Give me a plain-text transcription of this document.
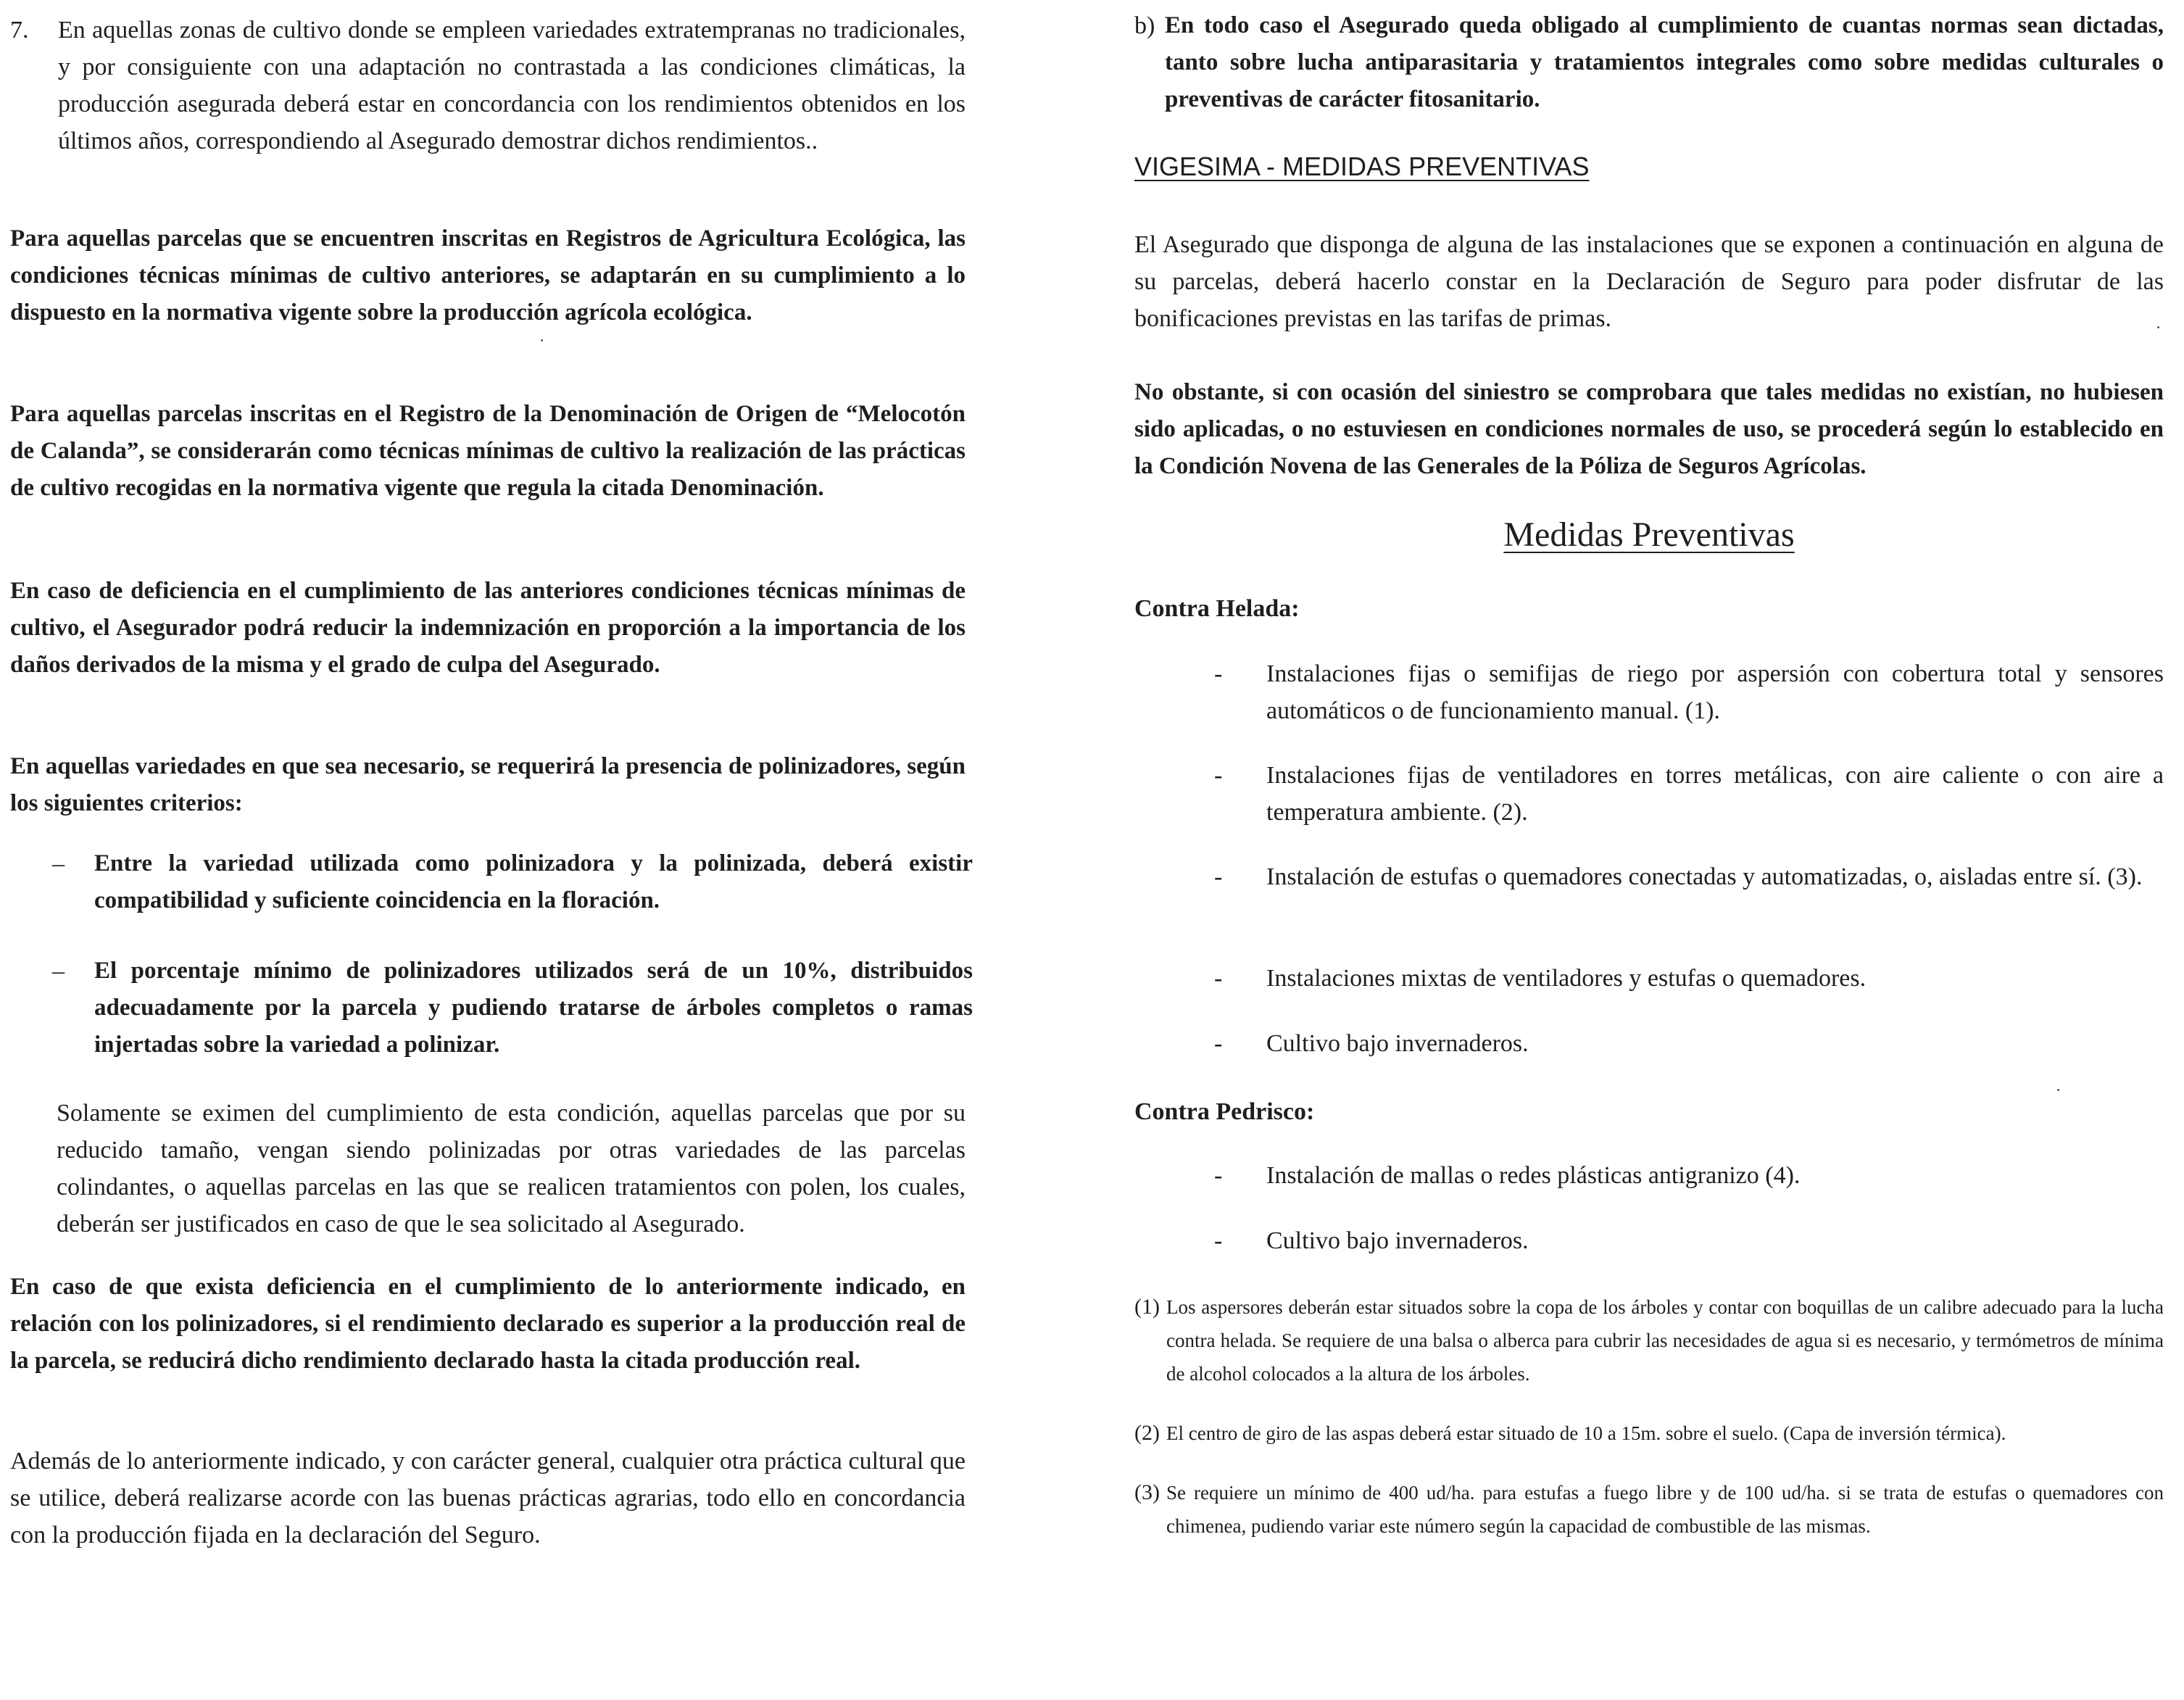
7. En aquellas zonas de cultivo donde se empleen variedades extratempranas no tradicionales, y por consiguiente con una adaptación no contrastada a las condiciones climáticas, la producción asegurada deberá estar en concordancia con los rendimientos obtenidos en los últimos años, correspondiendo al Asegurado demostrar dichos rendimientos..

Para aquellas parcelas que se encuentren inscritas en Registros de Agricultura Ecológica, las condiciones técnicas mínimas de cultivo anteriores, se adaptarán en su cumplimiento a lo dispuesto en la normativa vigente sobre la producción agrícola ecológica.

Para aquellas parcelas inscritas en el Registro de la Denominación de Origen de “Melocotón de Calanda”, se considerarán como técnicas mínimas de cultivo la realización de las prácticas de cultivo recogidas en la normativa vigente que regula la citada Denominación.

En caso de deficiencia en el cumplimiento de las anteriores condiciones técnicas mínimas de cultivo, el Asegurador podrá reducir la indemnización en proporción a la importancia de los daños derivados de la misma y el grado de culpa del Asegurado.

En aquellas variedades en que sea necesario, se requerirá la presencia de polinizadores, según los siguientes criterios:

– Entre la variedad utilizada como polinizadora y la polinizada, deberá existir compatibilidad y suficiente coincidencia en la floración.

– El porcentaje mínimo de polinizadores utilizados será de un 10%, distribuidos adecuadamente por la parcela y pudiendo tratarse de árboles completos o ramas injertadas sobre la variedad a polinizar.

Solamente se eximen del cumplimiento de esta condición, aquellas parcelas que por su reducido tamaño, vengan siendo polinizadas por otras variedades de las parcelas colindantes, o aquellas parcelas en las que se realicen tratamientos con polen, los cuales, deberán ser justificados en caso de que le sea solicitado al Asegurado.

En caso de que exista deficiencia en el cumplimiento de lo anteriormente indicado, en relación con los polinizadores, si el rendimiento declarado es superior a la producción real de la parcela, se reducirá dicho rendimiento declarado hasta la citada producción real.

Además de lo anteriormente indicado, y con carácter general, cualquier otra práctica cultural que se utilice, deberá realizarse acorde con las buenas prácticas agrarias, todo ello en concordancia con la producción fijada en la declaración del Seguro.

b) En todo caso el Asegurado queda obligado al cumplimiento de cuantas normas sean dictadas, tanto sobre lucha antiparasitaria y tratamientos integrales como sobre medidas culturales o preventivas de carácter fitosanitario.

VIGESIMA - MEDIDAS PREVENTIVAS

El Asegurado que disponga de alguna de las instalaciones que se exponen a continuación en alguna de su parcelas, deberá hacerlo constar en la Declaración de Seguro para poder disfrutar de las bonificaciones previstas en las tarifas de primas.

No obstante, si con ocasión del siniestro se comprobara que tales medidas no existían, no hubiesen sido aplicadas, o no estuviesen en condiciones normales de uso, se procederá según lo establecido en la Condición Novena de las Generales de la Póliza de Seguros Agrícolas.

Medidas Preventivas
Contra Helada:
- Instalaciones fijas o semifijas de riego por aspersión con cobertura total y sensores automáticos o de funcionamiento manual. (1).

- Instalaciones fijas de ventiladores en torres metálicas, con aire caliente o con aire a temperatura ambiente. (2).

- Instalación de estufas o quemadores conectadas y automatizadas, o, aisladas entre sí. (3).

- Instalaciones mixtas de ventiladores y estufas o quemadores.

- Cultivo bajo invernaderos.

Contra Pedrisco:
- Instalación de mallas o redes plásticas antigranizo (4).

- Cultivo bajo invernaderos.

(1) Los aspersores deberán estar situados sobre la copa de los árboles y contar con boquillas de un calibre adecuado para la lucha contra helada. Se requiere de una balsa o alberca para cubrir las necesidades de agua si es necesario, y termómetros de mínima de alcohol colocados a la altura de los árboles.

(2) El centro de giro de las aspas deberá estar situado de 10 a 15m. sobre el suelo. (Capa de inversión térmica).

(3) Se requiere un mínimo de 400 ud/ha. para estufas a fuego libre y de 100 ud/ha. si se trata de estufas o quemadores con chimenea, pudiendo variar este número según la capacidad de combustible de las mismas.
